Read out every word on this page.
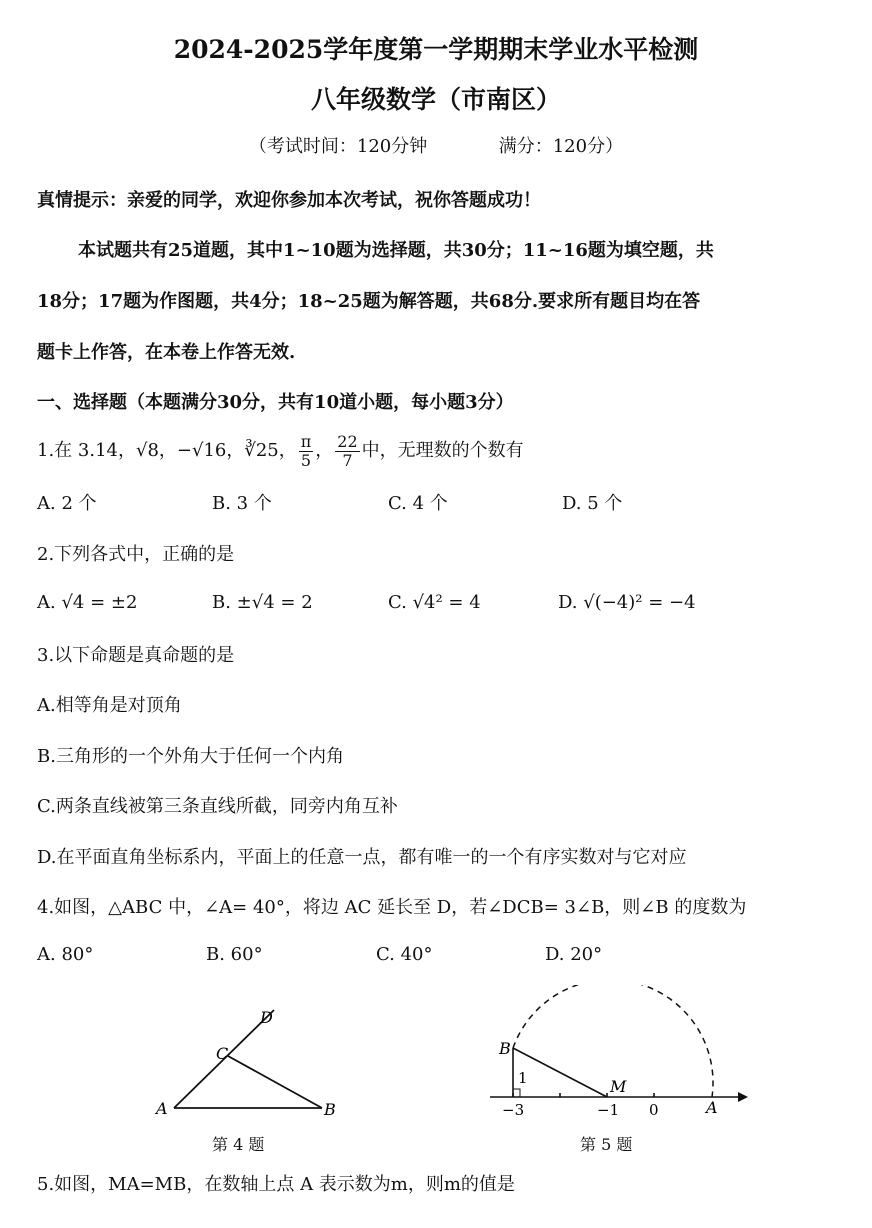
2024-2025学年度第一学期期末学业水平检测
八年级数学（市南区）
（考试时间：120分钟	满分：120分）
真情提示：亲爱的同学，欢迎你参加本次考试，祝你答题成功！
本试题共有25道题，其中1~10题为选择题，共30分；11~16题为填空题，共
18分；17题为作图题，共4分；18~25题为解答题，共68分.要求所有题目均在答
题卡上作答，在本卷上作答无效.
一、选择题（本题满分30分，共有10道小题，每小题3分）
1.在 3.14，√8，−√16，∛25， $\frac{\pi}{5}$ ， $\frac{22}{7}$ 中，无理数的个数有
A. 2 个	B. 3 个	C. 4 个	D. 5 个
2.下列各式中，正确的是
A. √4 = ±2	B. ±√4 = 2	C. √4² = 4	D. √(−4)² = −4
3.以下命题是真命题的是
A.相等角是对顶角
B.三角形的一个外角大于任何一个内角
C.两条直线被第三条直线所截，同旁内角互补
D.在平面直角坐标系内，平面上的任意一点，都有唯一的一个有序实数对与它对应
4.如图，△ABC 中，∠A= 40°，将边 AC 延长至 D，若∠DCB= 3∠B，则∠B 的度数为
A. 80°	B. 60°	C. 40°	D. 20°
A	B
C
D
第 4 题
B
1	M
A
−3	−1 0
第 5 题
5.如图，MA=MB，在数轴上点 A 表示数为m，则m的值是
